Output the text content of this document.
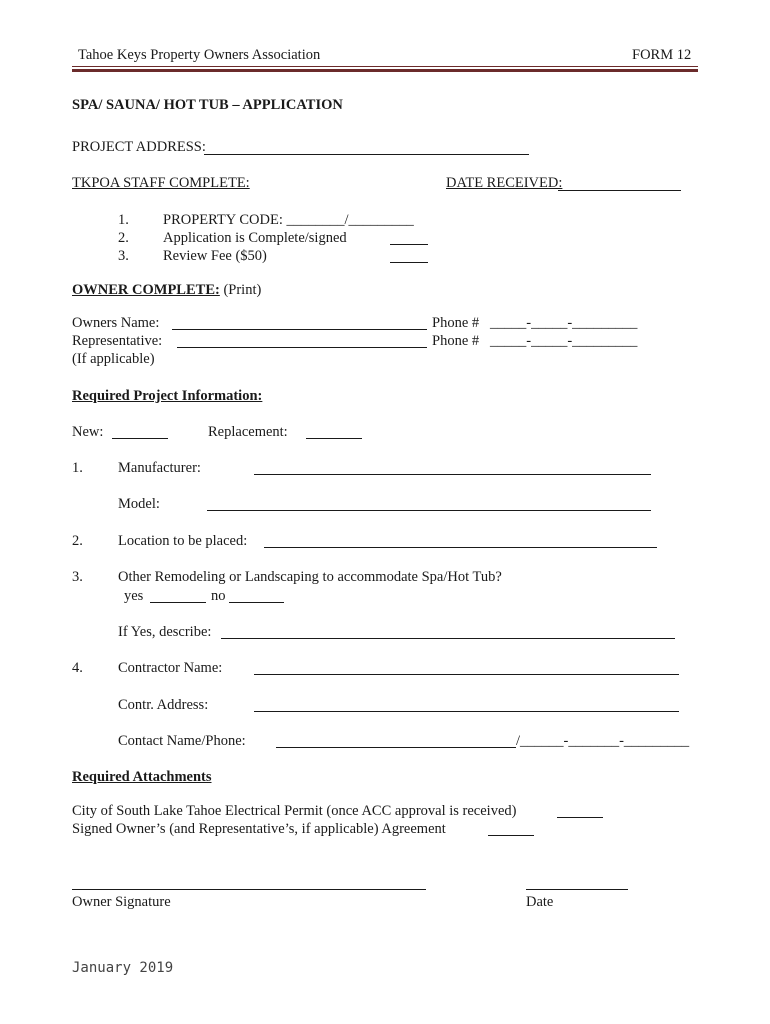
Tahoe Keys Property Owners Association	FORM 12
SPA/ SAUNA/ HOT TUB – APPLICATION
PROJECT ADDRESS:
TKPOA STAFF COMPLETE:	DATE RECEIVED:
1. PROPERTY CODE: ________/_________
2. Application is Complete/signed
3. Review Fee ($50)
OWNER COMPLETE: (Print)
Owners Name:	Phone # _____-_____-_________
Representative:	Phone # _____-_____-_________
(If applicable)
Required Project Information:
New:	Replacement:
1. Manufacturer:
Model:
2. Location to be placed:
3. Other Remodeling or Landscaping to accommodate Spa/Hot Tub?
yes	no
If Yes, describe:
4. Contractor Name:
Contr. Address:
Contact Name/Phone:	/______-_______-_________
Required Attachments
City of South Lake Tahoe Electrical Permit (once ACC approval is received)
Signed Owner’s (and Representative’s, if applicable) Agreement
Owner Signature	Date
January 2019
